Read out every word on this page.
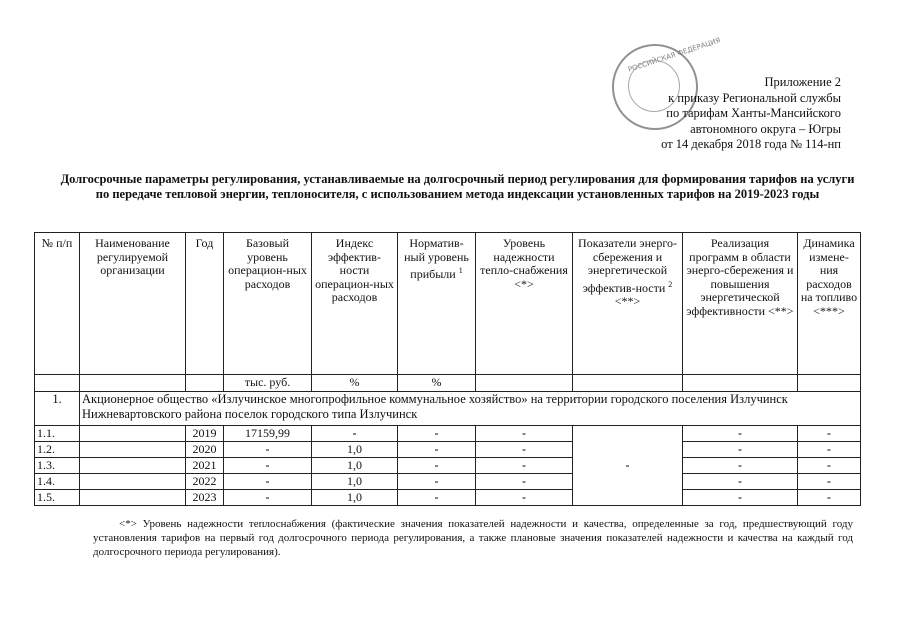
РОССИЙСКАЯ ФЕДЕРАЦИЯ
Приложение 2
к приказу Региональной службы
по тарифам Ханты-Мансийского
автономного округа – Югры
от 14 декабря 2018 года № 114-нп
Долгосрочные параметры регулирования, устанавливаемые на долгосрочный период регулирования для формирования тарифов на услуги по передаче тепловой энергии, теплоносителя, с использованием метода индексации установленных тарифов на 2019-2023 годы
№ п/п	Наименование регулируемой организации	Год	Базовый уровень операцион-ных расходов	Индекс эффектив-ности операцион-ных расходов	Норматив-ный уровень прибыли $^1$	Уровень надежности тепло-снабжения <*>	Показатели энерго-сбережения и энергетической эффектив-ности $^2$ <**>	Реализация программ в области энерго-сбережения и повышения энергетической эффективности <**>	Динамика измене-ния расходов на топливо <***>
			тыс. руб.	%	%				
1.	Акционерное общество «Излучинское многопрофильное коммунальное хозяйство» на территории городского поселения Излучинск Нижневартовского района поселок городского типа Излучинск								
1.1.		2019	17159,99	-	-	-	-	-	-
1.2.		2020	-	1,0	-	-		-	-
1.3.		2021	-	1,0	-	-		-	-
1.4.		2022	-	1,0	-	-		-	-
1.5.		2023	-	1,0	-	-		-	-
<*> Уровень надежности теплоснабжения (фактические значения показателей надежности и качества, определенные за год, предшествующий году установления тарифов на первый год долгосрочного периода регулирования, а также плановые значения показателей надежности и качества на каждый год долгосрочного периода регулирования).
